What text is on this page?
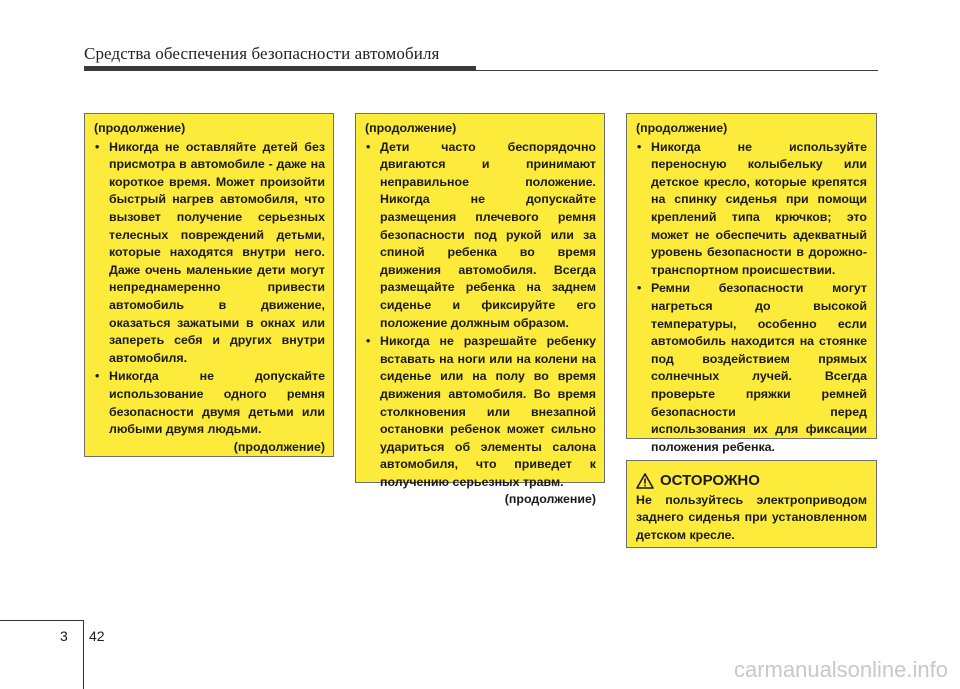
Средства обеспечения безопасности автомобиля
(продолжение)
• Никогда не оставляйте детей без присмотра в автомобиле - даже на короткое время. Может произойти быстрый нагрев автомобиля, что вызовет получение серьезных телесных повреждений детьми, которые находятся внутри него. Даже очень маленькие дети могут непреднамеренно привести автомобиль в движение, оказаться зажатыми в окнах или запереть себя и других внутри автомобиля.
• Никогда не допускайте использование одного ремня безопасности двумя детьми или любыми двумя людьми.
(продолжение)
(продолжение)
• Дети часто беспорядочно двигаются и принимают неправильное положение. Никогда не допускайте размещения плечевого ремня безопасности под рукой или за спиной ребенка во время движения автомобиля. Всегда размещайте ребенка на заднем сиденье и фиксируйте его положение должным образом.
• Никогда не разрешайте ребенку вставать на ноги или на колени на сиденье или на полу во время движения автомобиля. Во время столкновения или внезапной остановки ребенок может сильно удариться об элементы салона автомобиля, что приведет к получению серьезных травм.
(продолжение)
(продолжение)
• Никогда не используйте переносную колыбельку или детское кресло, которые крепятся на спинку сиденья при помощи креплений типа крючков; это может не обеспечить адекватный уровень безопасности в дорожно-транспортном происшествии.
• Ремни безопасности могут нагреться до высокой температуры, особенно если автомобиль находится на стоянке под воздействием прямых солнечных лучей. Всегда проверьте пряжки ремней безопасности перед использования их для фиксации положения ребенка.
ОСТОРОЖНО
Не пользуйтесь электроприводом заднего сиденья при установленном детском кресле.
3 42
carmanualsonline.info
